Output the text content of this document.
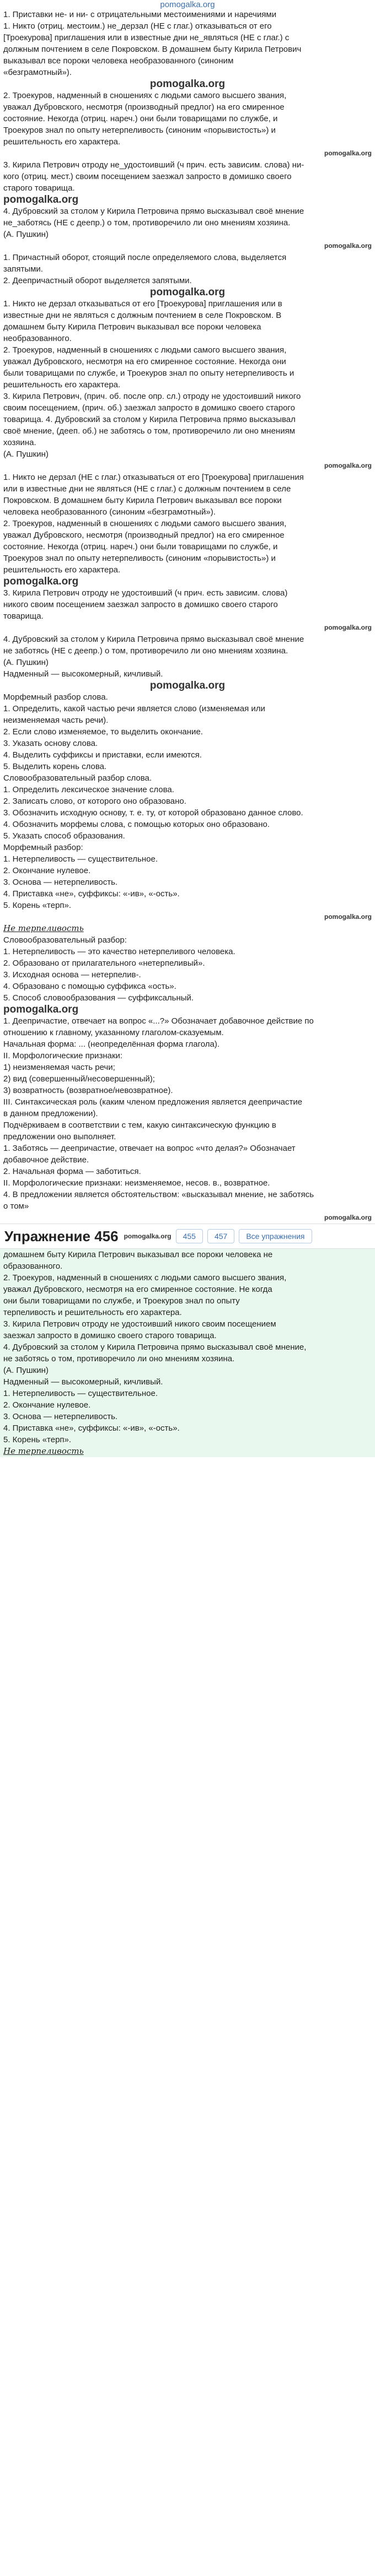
pomogalka.org

1. Приставки не- и ни- с отрицательными местоимениями и наречиями

1. Никто (отриц. местоим.) не_дерзал (НЕ с глаг.) отказываться от его

[Троекурова] приглашения или в известные дни не_являться (НЕ с глаг.) с

должным почтением в селе Покровском. В домашнем быту Кирила Петрович

выказывал все пороки человека необразованного (синоним

«безграмотный»).

pomogalka.org

2. Троекуров, надменный в сношениях с людьми самого высшего звания,

уважал Дубровского, несмотря (производный предлог) на его смиренное

состояние. Некогда (отриц. нареч.) они были товарищами по службе, и

Троекуров знал по опыту нетерпеливость (синоним «порывистость») и

решительность его характера.

pomogalka.org

3. Кирила Петрович отроду не_удостоивший (ч прич. есть зависим. слова) ни-

кого (отриц. мест.) своим посещением заезжал запросто в домишко своего

старого товарища.

pomogalka.org

4. Дубровский за столом у Кирила Петровича прямо высказывал своё мнение

не_заботясь (НЕ с деепр.) о том, противоречило ли оно мнениям хозяина.

(А. Пушкин)

pomogalka.org

1. Причастный оборот, стоящий после определяемого слова, выделяется

запятыми.

2. Деепричастный оборот выделяется запятыми.

pomogalka.org

1. Никто не дерзал отказываться от его [Троекурова] приглашения или в

известные дни не являться с должным почтением в селе Покровском. В

домашнем быту Кирила Петрович выказывал все пороки человека

необразованного.

2. Троекуров, надменный в сношениях с людьми самого высшего звания,

уважал Дубровского, несмотря на его смиренное состояние. Некогда они

были товарищами по службе, и Троекуров знал по опыту нетерпеливость и

решительность его характера.

3. Кирила Петрович, (прич. об. после опр. сл.) отроду не удостоивший никого

своим посещением, (прич. об.) заезжал запросто в домишко своего старого

товарища. 4. Дубровский за столом у Кирила Петровича прямо высказывал

своё мнение, (дееп. об.) не заботясь о том, противоречило ли оно мнениям

хозяина.

(А. Пушкин)

pomogalka.org

1. Никто не дерзал (НЕ с глаг.) отказываться от его [Троекурова] приглашения

или в известные дни не являться (НЕ с глаг.) с должным почтением в селе

Покровском. В домашнем быту Кирила Петрович выказывал все пороки

человека необразованного (синоним «безграмотный»).

2. Троекуров, надменный в сношениях с людьми самого высшего звания,

уважал Дубровского, несмотря (производный предлог) на его смиренное

состояние. Некогда (отриц. нареч.) они были товарищами по службе, и

Троекуров знал по опыту нетерпеливость (синоним «порывистость») и

решительность его характера.

pomogalka.org

3. Кирила Петрович отроду не удостоивший (ч прич. есть зависим. слова)

никого своим посещением заезжал запросто в домишко своего старого

товарища.

pomogalka.org

4. Дубровский за столом у Кирила Петровича прямо высказывал своё мнение

не заботясь (НЕ с деепр.) о том, противоречило ли оно мнениям хозяина.

(А. Пушкин)

Надменный — высокомерный, кичливый.

pomogalka.org

Морфемный разбор слова.

1. Определить, какой частью речи является слово (изменяемая или

неизменяемая часть речи).

2. Если слово изменяемое, то выделить окончание.

3. Указать основу слова.

4. Выделить суффиксы и приставки, если имеются.

5. Выделить корень слова.

Словообразовательный разбор слова.

1. Определить лексическое значение слова.

2. Записать слово, от которого оно образовано.

3. Обозначить исходную основу, т. е. ту, от которой образовано данное слово.

4. Обозначить морфемы слова, с помощью которых оно образовано.

5. Указать способ образования.

Морфемный разбор:

1. Нетерпеливость — существительное.

2. Окончание нулевое.

3. Основа — нетерпеливость.

4. Приставка «не», суффиксы: «-ив», «-ость».

5. Корень «терп».

pomogalka.org

Не терпеливость

Словообразовательный разбор:

1. Нетерпеливость — это качество нетерпеливого человека.

2. Образовано от прилагательного «нетерпеливый».

3. Исходная основа — нетерпелив-.

4. Образовано с помощью суффикса «ость».

5. Способ словообразования — суффиксальный.

pomogalka.org

1. Деепричастие, отвечает на вопрос «...?» Обозначает добавочное действие по

отношению к главному, указанному глаголом-сказуемым.

Начальная форма: ... (неопределённая форма глагола).

II. Морфологические признаки:

1) неизменяемая часть речи;

2) вид (совершенный/несовершенный);

3) возвратность (возвратное/невозвратное).

III. Синтаксическая роль (каким членом предложения является деепричастие

в данном предложении).

Подчёркиваем в соответствии с тем, какую синтаксическую функцию в

предложении оно выполняет.

1. Заботясь — деепричастие, отвечает на вопрос «что делая?» Обозначает

добавочное действие.

2. Начальная форма — заботиться.

II. Морфологические признаки: неизменяемое, несов. в., возвратное.

4. В предложении является обстоятельством: «высказывал мнение, не заботясь

о том»

pomogalka.org
Упражнение 456 pomogalka.org	455	457	Все упражнения

домашнем быту Кирила Петрович выказывал все пороки человека не

образованного.

2. Троекуров, надменный в сношениях с людьми самого высшего звания,

уважал Дубровского, несмотря на его смиренное состояние. Не когда

они были товарищами по службе, и Троекуров знал по опыту

терпеливость и решительность его характера.

3. Кирила Петрович отроду не удостоивший никого своим посещением

заезжал запросто в домишко своего старого товарища.

4. Дубровский за столом у Кирила Петровича прямо высказывал своё мнение,

не заботясь о том, противоречило ли оно мнениям хозяина.

(А. Пушкин)

Надменный — высокомерный, кичливый.

1. Нетерпеливость — существительное.

2. Окончание нулевое.

3. Основа — нетерпеливость.

4. Приставка «не», суффиксы: «-ив», «-ость».

5. Корень «терп».

Не терпеливость
